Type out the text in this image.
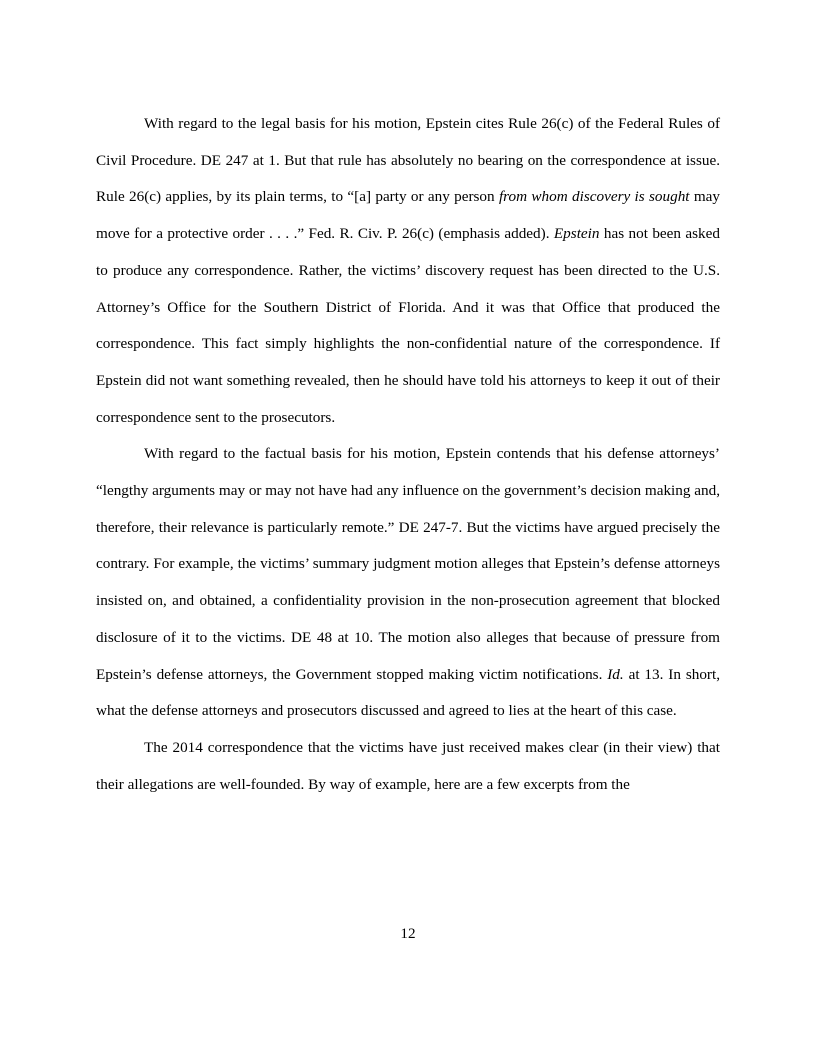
With regard to the legal basis for his motion, Epstein cites Rule 26(c) of the Federal Rules of Civil Procedure. DE 247 at 1. But that rule has absolutely no bearing on the correspondence at issue. Rule 26(c) applies, by its plain terms, to “[a] party or any person from whom discovery is sought may move for a protective order . . . .” Fed. R. Civ. P. 26(c) (emphasis added). Epstein has not been asked to produce any correspondence. Rather, the victims’ discovery request has been directed to the U.S. Attorney’s Office for the Southern District of Florida. And it was that Office that produced the correspondence. This fact simply highlights the non-confidential nature of the correspondence. If Epstein did not want something revealed, then he should have told his attorneys to keep it out of their correspondence sent to the prosecutors.

With regard to the factual basis for his motion, Epstein contends that his defense attorneys’ “lengthy arguments may or may not have had any influence on the government’s decision making and, therefore, their relevance is particularly remote.” DE 247-7. But the victims have argued precisely the contrary. For example, the victims’ summary judgment motion alleges that Epstein’s defense attorneys insisted on, and obtained, a confidentiality provision in the non-prosecution agreement that blocked disclosure of it to the victims. DE 48 at 10. The motion also alleges that because of pressure from Epstein’s defense attorneys, the Government stopped making victim notifications. Id. at 13. In short, what the defense attorneys and prosecutors discussed and agreed to lies at the heart of this case.

The 2014 correspondence that the victims have just received makes clear (in their view) that their allegations are well-founded. By way of example, here are a few excerpts from the

12
